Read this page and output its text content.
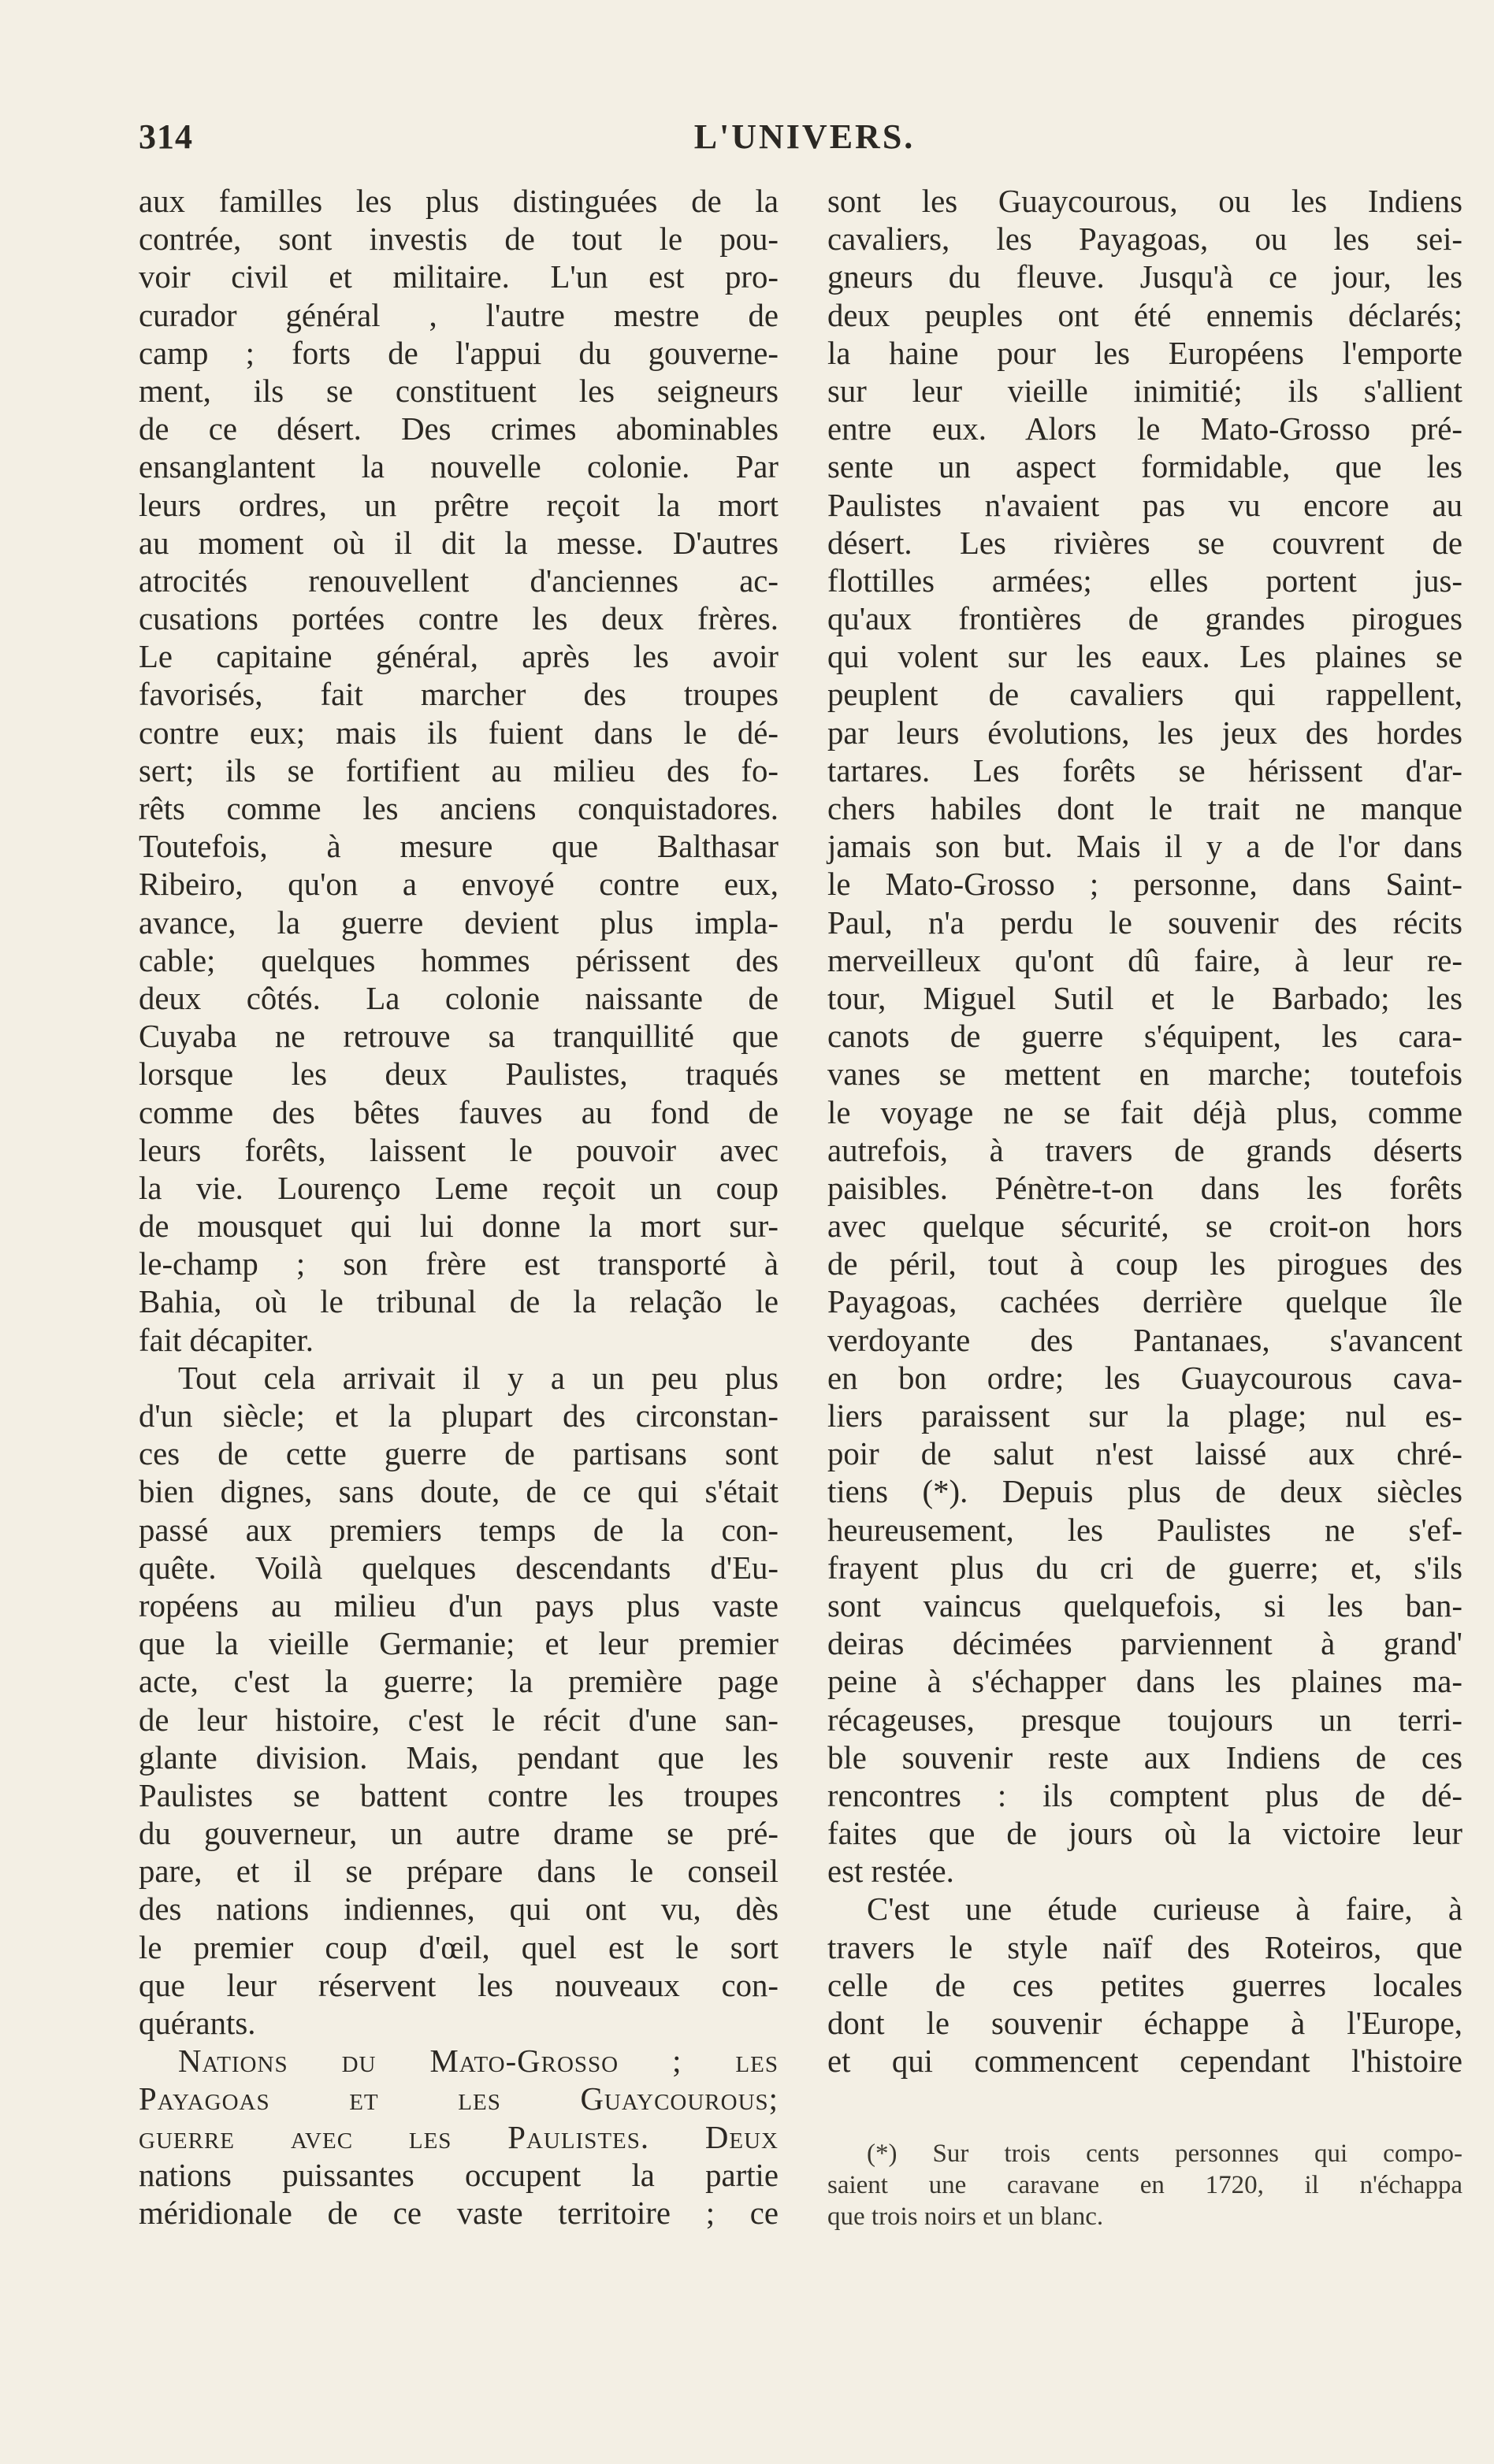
314	L'UNIVERS.
aux familles les plus distinguées de la
contrée, sont investis de tout le pou-
voir civil et militaire. L'un est pro-
curador général , l'autre mestre de
camp ; forts de l'appui du gouverne-
ment, ils se constituent les seigneurs
de ce désert. Des crimes abominables
ensanglantent la nouvelle colonie. Par
leurs ordres, un prêtre reçoit la mort
au moment où il dit la messe. D'autres
atrocités renouvellent d'anciennes ac-
cusations portées contre les deux frères.
Le capitaine général, après les avoir
favorisés, fait marcher des troupes
contre eux; mais ils fuient dans le dé-
sert; ils se fortifient au milieu des fo-
rêts comme les anciens conquistadores.
Toutefois, à mesure que Balthasar
Ribeiro, qu'on a envoyé contre eux,
avance, la guerre devient plus impla-
cable; quelques hommes périssent des
deux côtés. La colonie naissante de
Cuyaba ne retrouve sa tranquillité que
lorsque les deux Paulistes, traqués
comme des bêtes fauves au fond de
leurs forêts, laissent le pouvoir avec
la vie. Lourenço Leme reçoit un coup
de mousquet qui lui donne la mort sur-
le-champ ; son frère est transporté à
Bahia, où le tribunal de la relação le
fait décapiter.
Tout cela arrivait il y a un peu plus
d'un siècle; et la plupart des circonstan-
ces de cette guerre de partisans sont
bien dignes, sans doute, de ce qui s'était
passé aux premiers temps de la con-
quête. Voilà quelques descendants d'Eu-
ropéens au milieu d'un pays plus vaste
que la vieille Germanie; et leur premier
acte, c'est la guerre; la première page
de leur histoire, c'est le récit d'une san-
glante division. Mais, pendant que les
Paulistes se battent contre les troupes
du gouverneur, un autre drame se pré-
pare, et il se prépare dans le conseil
des nations indiennes, qui ont vu, dès
le premier coup d'œil, quel est le sort
que leur réservent les nouveaux con-
quérants.
Nations du Mato-Grosso ; les
Payagoas et les Guaycourous;
guerre avec les Paulistes. Deux
nations puissantes occupent la partie
méridionale de ce vaste territoire ; ce
sont les Guaycourous, ou les Indiens
cavaliers, les Payagoas, ou les sei-
gneurs du fleuve. Jusqu'à ce jour, les
deux peuples ont été ennemis déclarés;
la haine pour les Européens l'emporte
sur leur vieille inimitié; ils s'allient
entre eux. Alors le Mato-Grosso pré-
sente un aspect formidable, que les
Paulistes n'avaient pas vu encore au
désert. Les rivières se couvrent de
flottilles armées; elles portent jus-
qu'aux frontières de grandes pirogues
qui volent sur les eaux. Les plaines se
peuplent de cavaliers qui rappellent,
par leurs évolutions, les jeux des hordes
tartares. Les forêts se hérissent d'ar-
chers habiles dont le trait ne manque
jamais son but. Mais il y a de l'or dans
le Mato-Grosso ; personne, dans Saint-
Paul, n'a perdu le souvenir des récits
merveilleux qu'ont dû faire, à leur re-
tour, Miguel Sutil et le Barbado; les
canots de guerre s'équipent, les cara-
vanes se mettent en marche; toutefois
le voyage ne se fait déjà plus, comme
autrefois, à travers de grands déserts
paisibles. Pénètre-t-on dans les forêts
avec quelque sécurité, se croit-on hors
de péril, tout à coup les pirogues des
Payagoas, cachées derrière quelque île
verdoyante des Pantanaes, s'avancent
en bon ordre; les Guaycourous cava-
liers paraissent sur la plage; nul es-
poir de salut n'est laissé aux chré-
tiens (*). Depuis plus de deux siècles
heureusement, les Paulistes ne s'ef-
frayent plus du cri de guerre; et, s'ils
sont vaincus quelquefois, si les ban-
deiras décimées parviennent à grand'
peine à s'échapper dans les plaines ma-
récageuses, presque toujours un terri-
ble souvenir reste aux Indiens de ces
rencontres : ils comptent plus de dé-
faites que de jours où la victoire leur
est restée.
C'est une étude curieuse à faire, à
travers le style naïf des Roteiros, que
celle de ces petites guerres locales
dont le souvenir échappe à l'Europe,
et qui commencent cependant l'histoire
(*) Sur trois cents personnes qui compo-
saient une caravane en 1720, il n'échappa
que trois noirs et un blanc.
